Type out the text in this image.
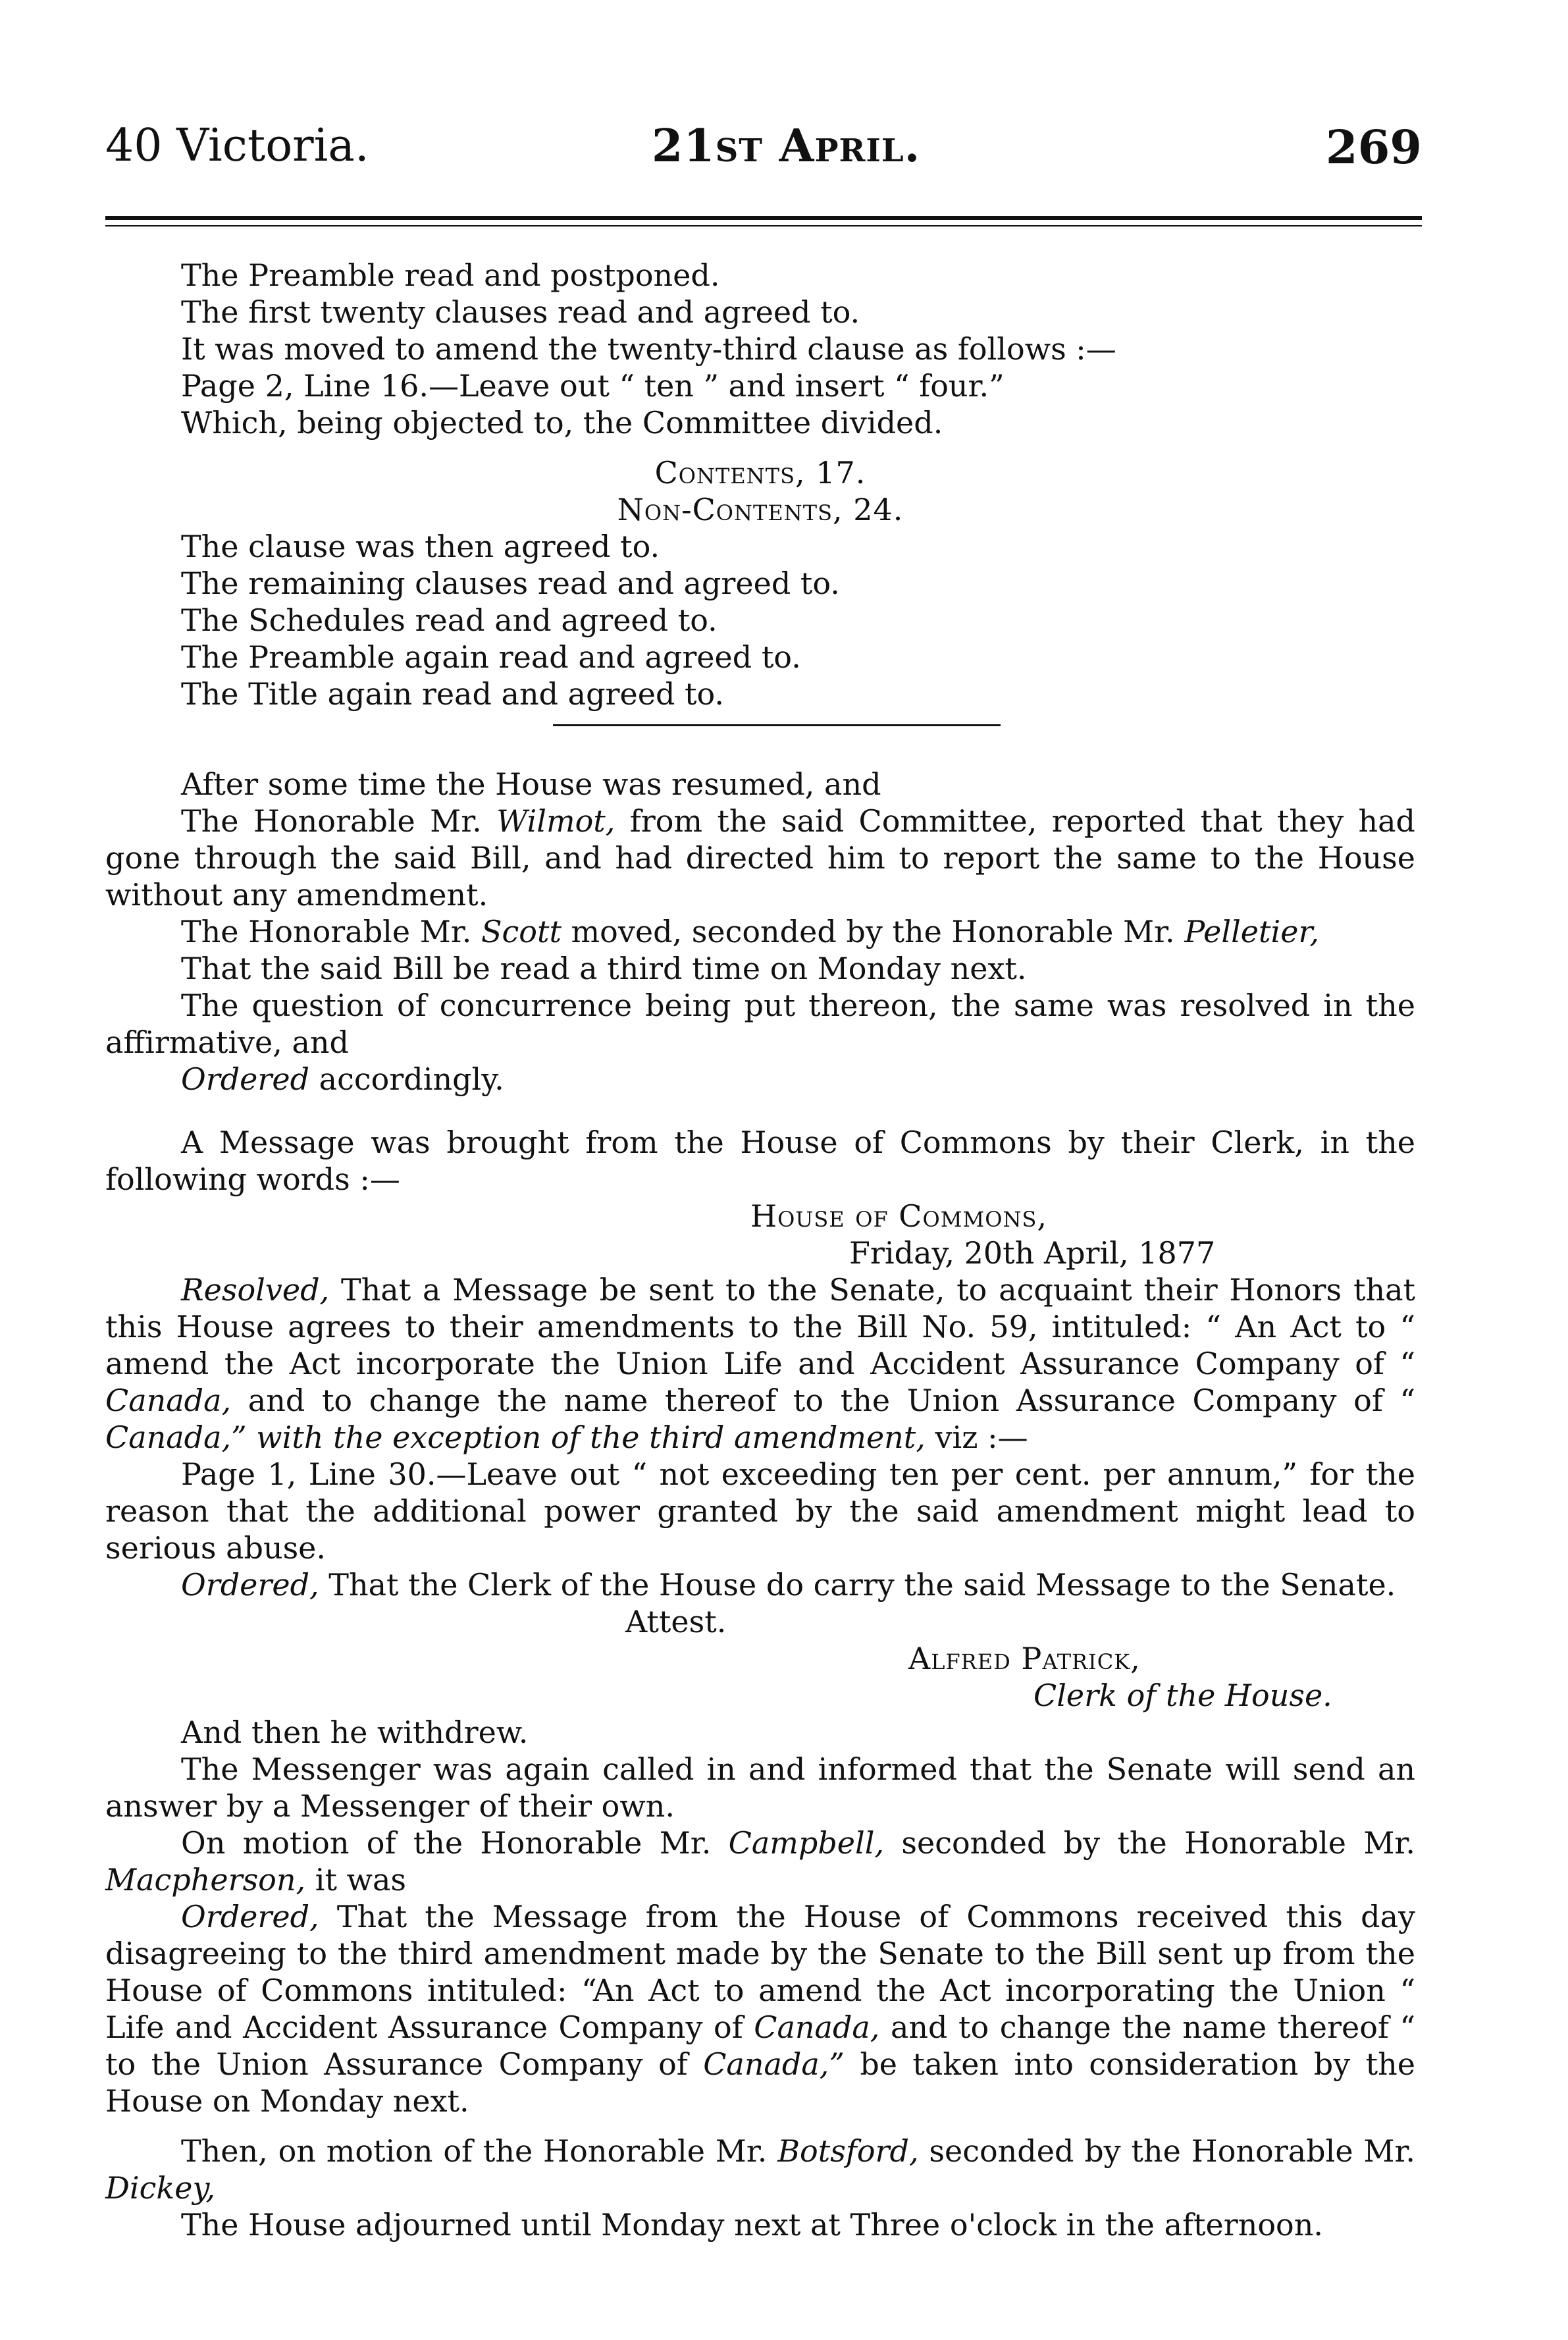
40 Victoria.	21st April.	269

The Preamble read and postponed.

The first twenty clauses read and agreed to.

It was moved to amend the twenty-third clause as follows :—

Page 2, Line 16.—Leave out “ ten ” and insert “ four.”

Which, being objected to, the Committee divided.

Contents, 17.

Non-Contents, 24.

The clause was then agreed to.

The remaining clauses read and agreed to.

The Schedules read and agreed to.

The Preamble again read and agreed to.

The Title again read and agreed to.

After some time the House was resumed, and

The Honorable Mr. Wilmot, from the said Committee, reported that they had gone through the said Bill, and had directed him to report the same to the House without any amendment.

The Honorable Mr. Scott moved, seconded by the Honorable Mr. Pelletier,

That the said Bill be read a third time on Monday next.

The question of concurrence being put thereon, the same was resolved in the affirmative, and

Ordered accordingly.

A Message was brought from the House of Commons by their Clerk, in the following words :—

House of Commons,

Friday, 20th April, 1877

Resolved, That a Message be sent to the Senate, to acquaint their Honors that this House agrees to their amendments to the Bill No. 59, intituled: “ An Act to “ amend the Act incorporate the Union Life and Accident Assurance Company of “ Canada, and to change the name thereof to the Union Assurance Company of “ Canada,” with the exception of the third amendment, viz :—

Page 1, Line 30.—Leave out “ not exceeding ten per cent. per annum,” for the reason that the additional power granted by the said amendment might lead to serious abuse.

Ordered, That the Clerk of the House do carry the said Message to the Senate.

Attest.

Alfred Patrick,

Clerk of the House.

And then he withdrew.

The Messenger was again called in and informed that the Senate will send an answer by a Messenger of their own.

On motion of the Honorable Mr. Campbell, seconded by the Honorable Mr. Macpherson, it was

Ordered, That the Message from the House of Commons received this day disagreeing to the third amendment made by the Senate to the Bill sent up from the House of Commons intituled: “An Act to amend the Act incorporating the Union “ Life and Accident Assurance Company of Canada, and to change the name thereof “ to the Union Assurance Company of Canada,” be taken into consideration by the House on Monday next.

Then, on motion of the Honorable Mr. Botsford, seconded by the Honorable Mr. Dickey,

The House adjourned until Monday next at Three o'clock in the afternoon.
